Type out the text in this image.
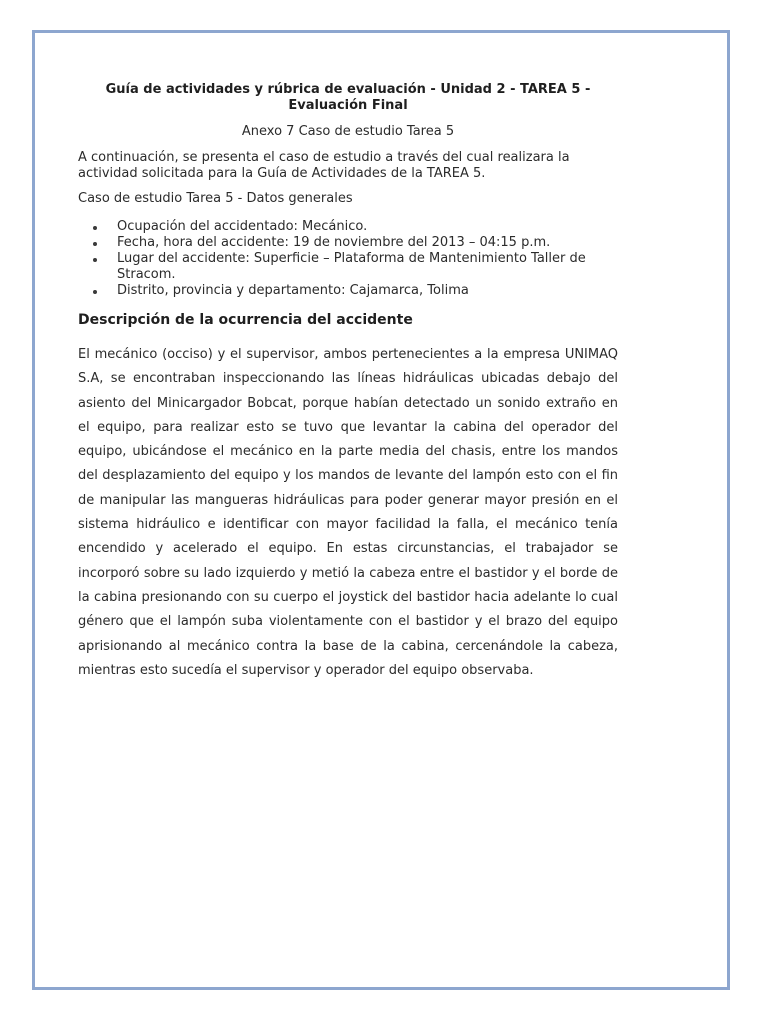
Guía de actividades y rúbrica de evaluación - Unidad 2 - TAREA 5 - Evaluación Final

Anexo 7 Caso de estudio Tarea 5

A continuación, se presenta el caso de estudio a través del cual realizara la actividad solicitada para la Guía de Actividades de la TAREA 5.

Caso de estudio Tarea 5 - Datos generales

Ocupación del accidentado: Mecánico.
Fecha, hora del accidente: 19 de noviembre del 2013 – 04:15 p.m.
Lugar del accidente: Superficie – Plataforma de Mantenimiento Taller de Stracom.
Distrito, provincia y departamento: Cajamarca, Tolima

Descripción de la ocurrencia del accidente

El mecánico (occiso) y el supervisor, ambos pertenecientes a la empresa UNIMAQ S.A, se encontraban inspeccionando las líneas hidráulicas ubicadas debajo del asiento del Minicargador Bobcat, porque habían detectado un sonido extraño en el equipo, para realizar esto se tuvo que levantar la cabina del operador del equipo, ubicándose el mecánico en la parte media del chasis, entre los mandos del desplazamiento del equipo y los mandos de levante del lampón esto con el fin de manipular las mangueras hidráulicas para poder generar mayor presión en el sistema hidráulico e identificar con mayor facilidad la falla, el mecánico tenía encendido y acelerado el equipo. En estas circunstancias, el trabajador se incorporó sobre su lado izquierdo y metió la cabeza entre el bastidor y el borde de la cabina presionando con su cuerpo el joystick del bastidor hacia adelante lo cual género que el lampón suba violentamente con el bastidor y el brazo del equipo aprisionando al mecánico contra la base de la cabina, cercenándole la cabeza, mientras esto sucedía el supervisor y operador del equipo observaba.
